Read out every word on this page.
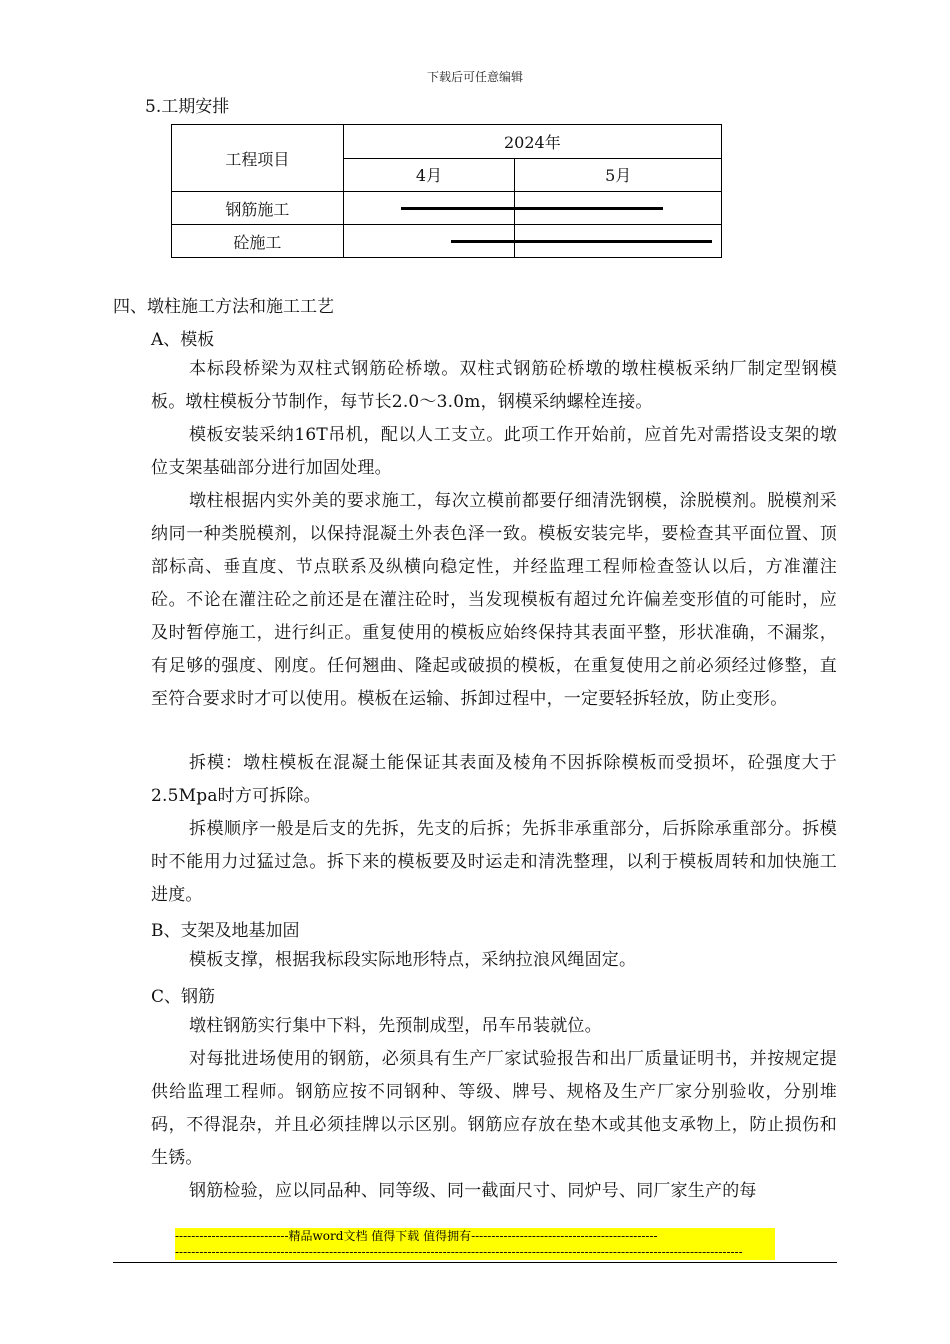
下载后可任意编辑
5.工期安排
工程项目	2024年	
	4月	5月
钢筋施工	

砼施工	

四、墩柱施工方法和施工工艺
A、模板
本标段桥梁为双柱式钢筋砼桥墩。双柱式钢筋砼桥墩的墩柱模板采纳厂制定型钢模板。墩柱模板分节制作，每节长2.0～3.0m，钢模采纳螺栓连接。
模板安装采纳16T吊机，配以人工支立。此项工作开始前，应首先对需搭设支架的墩位支架基础部分进行加固处理。
墩柱根据内实外美的要求施工，每次立模前都要仔细清洗钢模，涂脱模剂。脱模剂采纳同一种类脱模剂，以保持混凝土外表色泽一致。模板安装完毕，要检查其平面位置、顶部标高、垂直度、节点联系及纵横向稳定性，并经监理工程师检查签认以后，方准灌注砼。不论在灌注砼之前还是在灌注砼时，当发现模板有超过允许偏差变形值的可能时，应及时暂停施工，进行纠正。重复使用的模板应始终保持其表面平整，形状准确，不漏浆，有足够的强度、刚度。任何翘曲、隆起或破损的模板，在重复使用之前必须经过修整，直至符合要求时才可以使用。模板在运输、拆卸过程中，一定要轻拆轻放，防止变形。
拆模：墩柱模板在混凝土能保证其表面及棱角不因拆除模板而受损坏，砼强度大于2.5Mpa时方可拆除。
拆模顺序一般是后支的先拆，先支的后拆；先拆非承重部分，后拆除承重部分。拆模时不能用力过猛过急。拆下来的模板要及时运走和清洗整理，以利于模板周转和加快施工进度。
B、支架及地基加固
模板支撑，根据我标段实际地形特点，采纳拉浪风绳固定。
C、钢筋
墩柱钢筋实行集中下料，先预制成型，吊车吊装就位。
对每批进场使用的钢筋，必须具有生产厂家试验报告和出厂质量证明书，并按规定提供给监理工程师。钢筋应按不同钢种、等级、牌号、规格及生产厂家分别验收，分别堆码，不得混杂，并且必须挂牌以示区别。钢筋应存放在垫木或其他支承物上，防止损伤和生锈。
钢筋检验，应以同品种、同等级、同一截面尺寸、同炉号、同厂家生产的每
----------------------------精品word文档 值得下载 值得拥有----------------------------------------------
--------------------------------------------------------------------------------------------------------------------------------------------
